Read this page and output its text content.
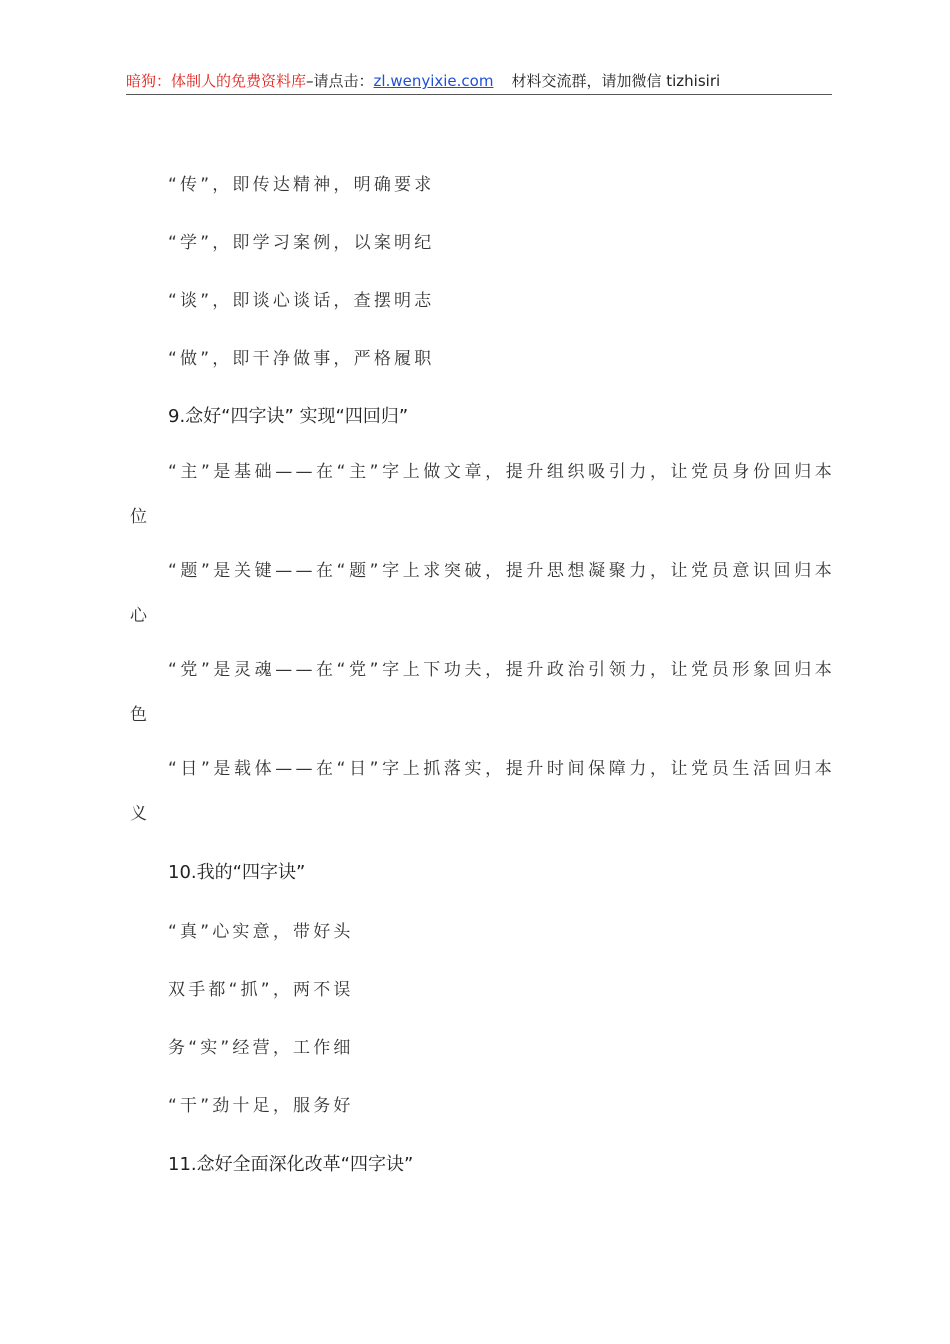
暗狗：体制人的免费资料库–请点击：zl.wenyixie.com 材料交流群，请加微信 tizhisiri
“传”，即传达精神，明确要求
“学”，即学习案例，以案明纪
“谈”，即谈心谈话，查摆明志
“做”，即干净做事，严格履职
9.念好“四字诀” 实现“四回归”
“主”是基础——在“主”字上做文章，提升组织吸引力，让党员身份回归本位
“题”是关键——在“题”字上求突破，提升思想凝聚力，让党员意识回归本心
“党”是灵魂——在“党”字上下功夫，提升政治引领力，让党员形象回归本色
“日”是载体——在“日”字上抓落实，提升时间保障力，让党员生活回归本义
10.我的“四字诀”
“真”心实意，带好头
双手都“抓”，两不误
务“实”经营，工作细
“干”劲十足，服务好
11.念好全面深化改革“四字诀”
